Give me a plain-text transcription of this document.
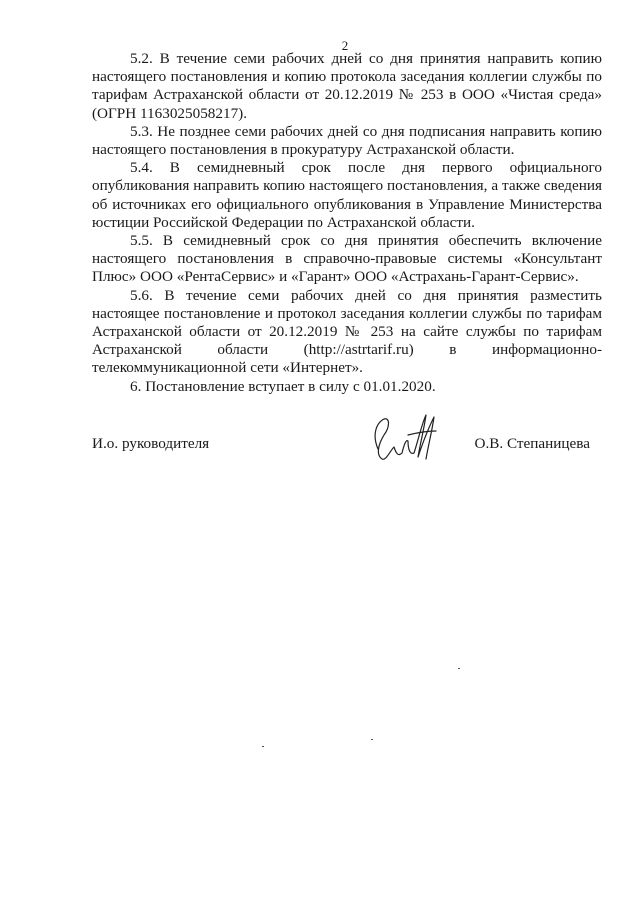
2

5.2. В течение семи рабочих дней со дня принятия направить копию настоящего постановления и копию протокола заседания коллегии службы по тарифам Астраханской области от 20.12.2019 № 253 в ООО «Чистая среда» (ОГРН 1163025058217).

5.3. Не позднее семи рабочих дней со дня подписания направить копию настоящего постановления в прокуратуру Астраханской области.

5.4. В семидневный срок после дня первого официального опубликования направить копию настоящего постановления, а также сведения об источниках его официального опубликования в Управление Министерства юстиции Российской Федерации по Астраханской области.

5.5. В семидневный срок со дня принятия обеспечить включение настоящего постановления в справочно-правовые системы «Консультант Плюс» ООО «РентаСервис» и «Гарант» ООО «Астрахань-Гарант-Сервис».

5.6. В течение семи рабочих дней со дня принятия разместить настоящее постановление и протокол заседания коллегии службы по тарифам Астраханской области от 20.12.2019 № 253 на сайте службы по тарифам Астраханской области (http://astrtarif.ru) в информационно-телекоммуникационной сети «Интернет».

6. Постановление вступает в силу с 01.01.2020.

И.о. руководителя	О.В. Степаницева
